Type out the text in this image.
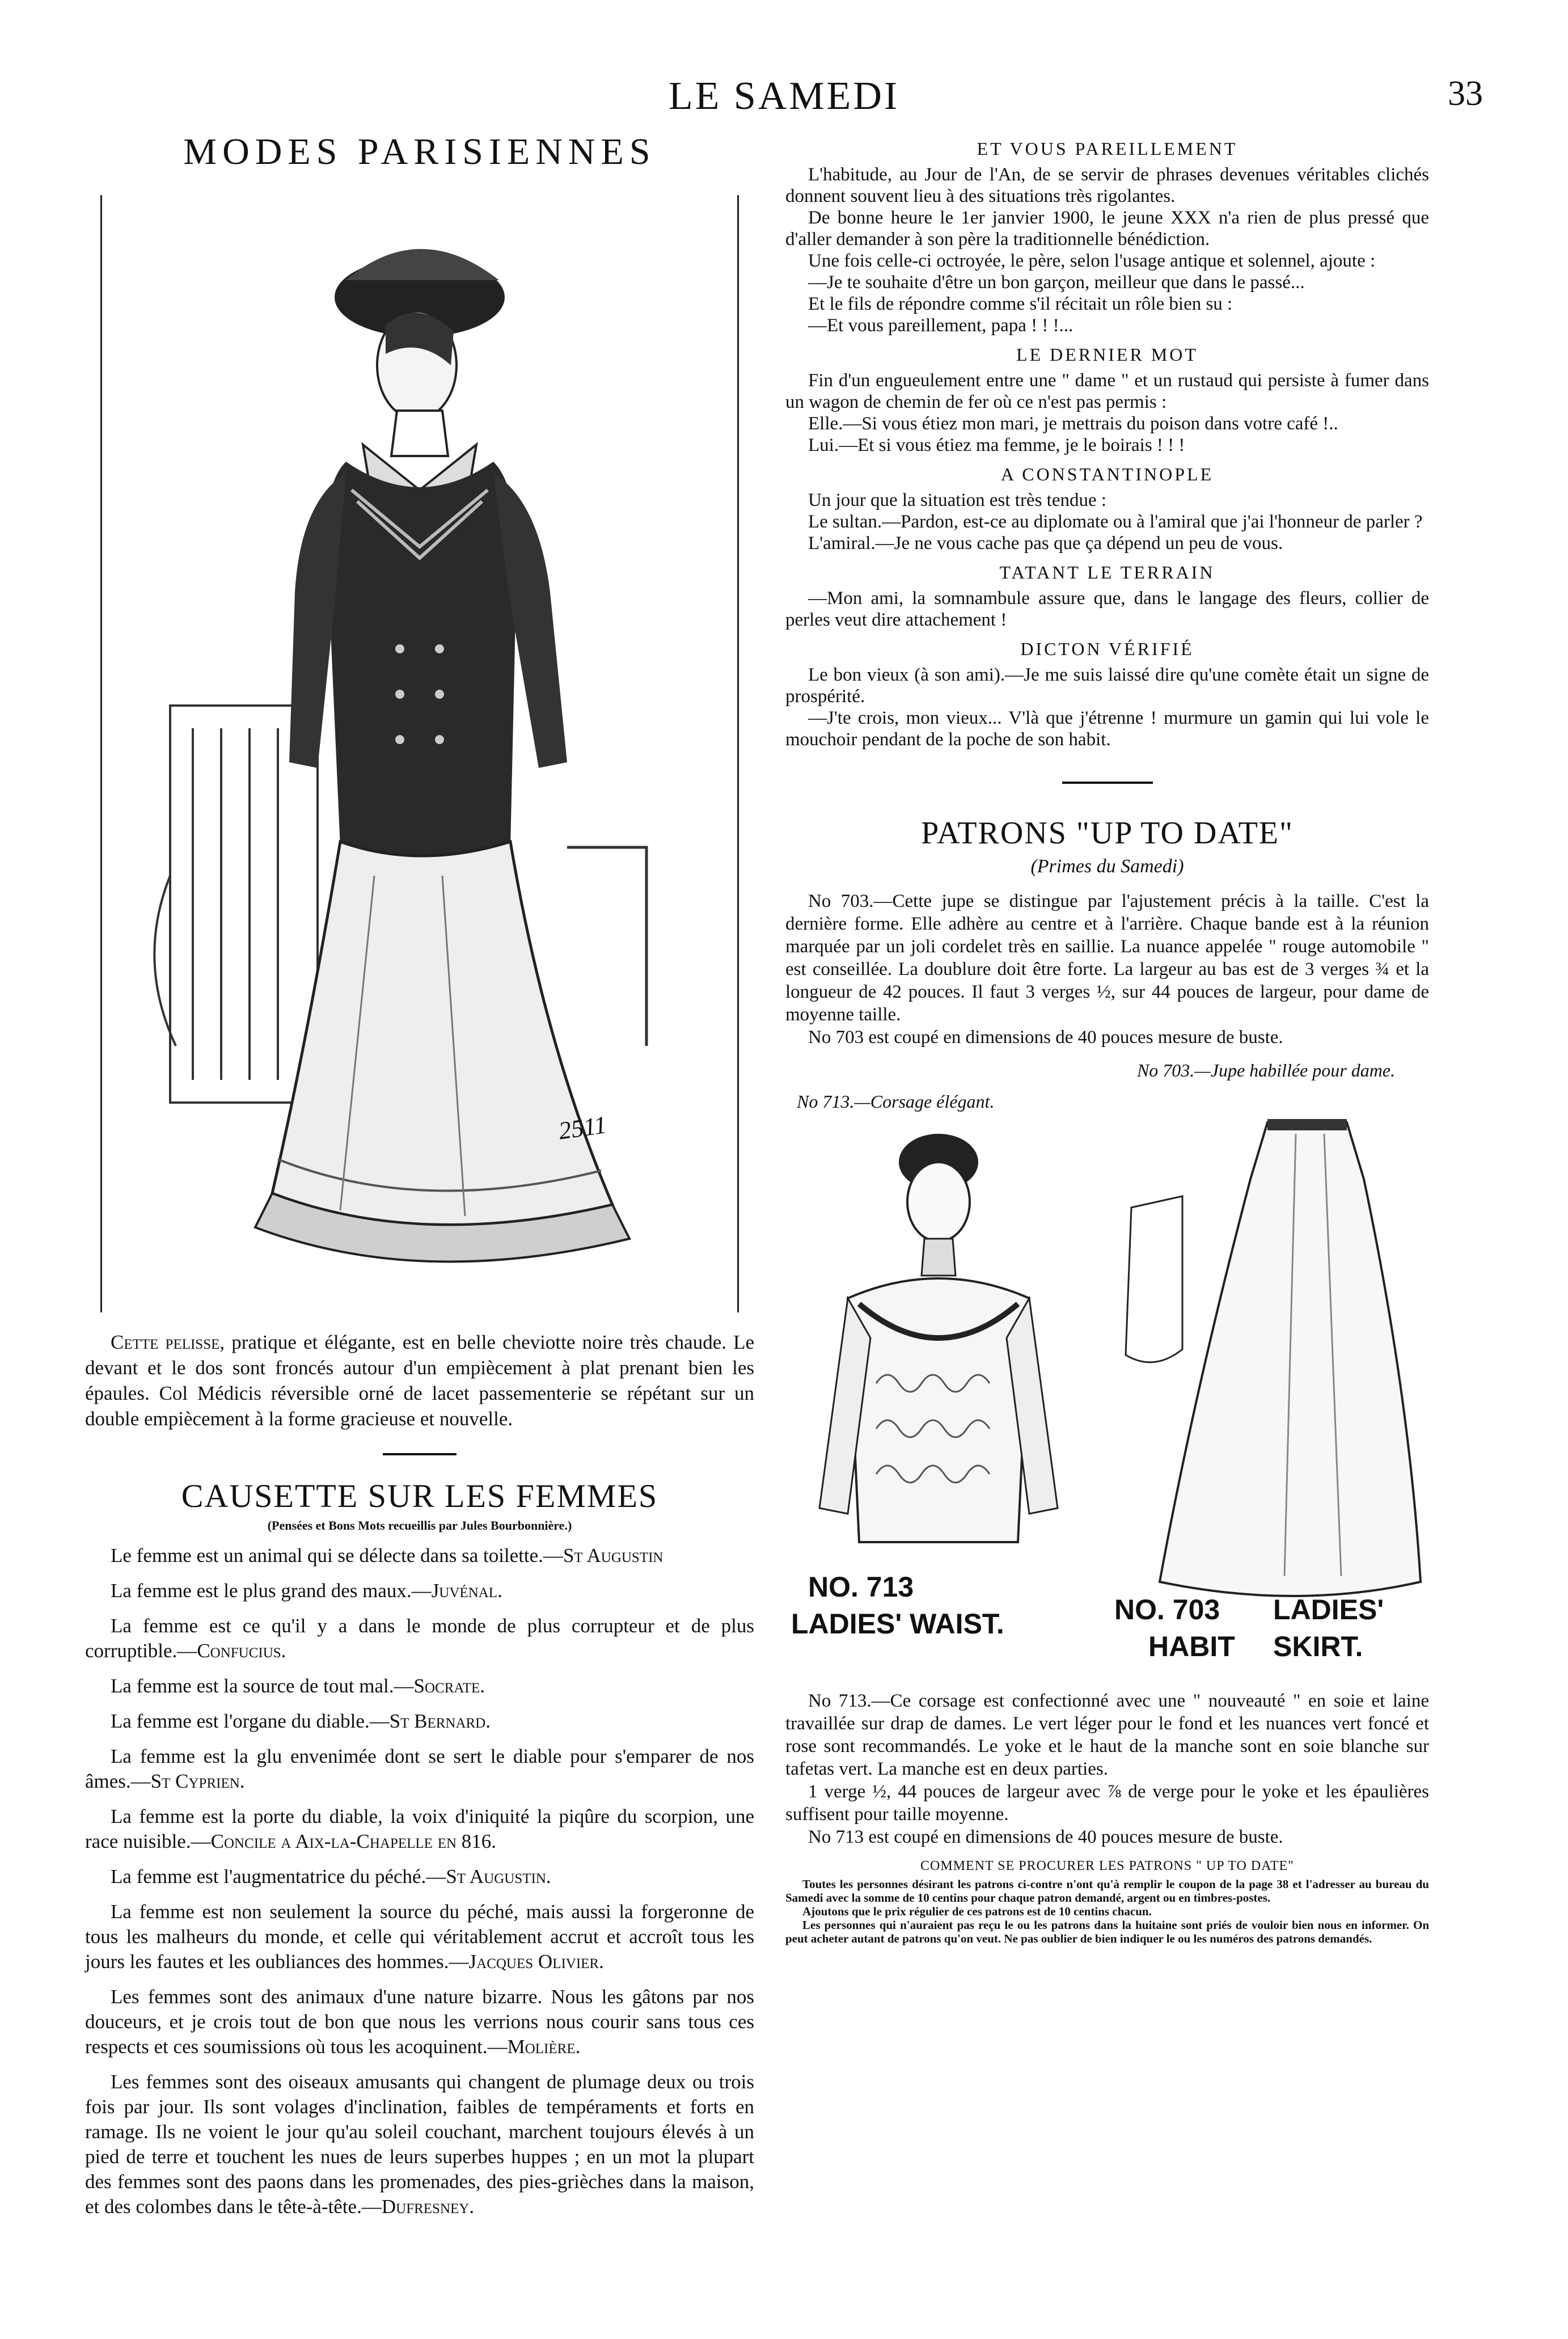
LE SAMEDI	33
MODES PARISIENNES
2511

Cette pelisse, pratique et élégante, est en belle cheviotte noire très chaude. Le devant et le dos sont froncés autour d'un empiècement à plat prenant bien les épaules. Col Médicis réversible orné de lacet passementerie se répétant sur un double empiècement à la forme gracieuse et nouvelle.

CAUSETTE SUR LES FEMMES
(Pensées et Bons Mots recueillis par Jules Bourbonnière.)

Le femme est un animal qui se délecte dans sa toilette.—St Augustin

La femme est le plus grand des maux.—Juvénal.

La femme est ce qu'il y a dans le monde de plus corrupteur et de plus corruptible.—Confucius.

La femme est la source de tout mal.—Socrate.

La femme est l'organe du diable.—St Bernard.

La femme est la glu envenimée dont se sert le diable pour s'emparer de nos âmes.—St Cyprien.

La femme est la porte du diable, la voix d'iniquité la piqûre du scorpion, une race nuisible.—Concile a Aix-la-Chapelle en 816.

La femme est l'augmentatrice du péché.—St Augustin.

La femme est non seulement la source du péché, mais aussi la forgeronne de tous les malheurs du monde, et celle qui véritablement accrut et accroît tous les jours les fautes et les oubliances des hommes.—Jacques Olivier.

Les femmes sont des animaux d'une nature bizarre. Nous les gâtons par nos douceurs, et je crois tout de bon que nous les verrions nous courir sans tous ces respects et ces soumissions où tous les acoquinent.—Molière.

Les femmes sont des oiseaux amusants qui changent de plumage deux ou trois fois par jour. Ils sont volages d'inclination, faibles de tempéraments et forts en ramage. Ils ne voient le jour qu'au soleil couchant, marchent toujours élevés à un pied de terre et touchent les nues de leurs superbes huppes ; en un mot la plupart des femmes sont des paons dans les promenades, des pies-grièches dans la maison, et des colombes dans le tête-à-tête.—Dufresney.

ET VOUS PAREILLEMENT

L'habitude, au Jour de l'An, de se servir de phrases devenues véritables clichés donnent souvent lieu à des situations très rigolantes.

De bonne heure le 1er janvier 1900, le jeune XXX n'a rien de plus pressé que d'aller demander à son père la traditionnelle bénédiction.

Une fois celle-ci octroyée, le père, selon l'usage antique et solennel, ajoute :

—Je te souhaite d'être un bon garçon, meilleur que dans le passé...

Et le fils de répondre comme s'il récitait un rôle bien su :

—Et vous pareillement, papa ! ! !...

LE DERNIER MOT

Fin d'un engueulement entre une " dame " et un rustaud qui persiste à fumer dans un wagon de chemin de fer où ce n'est pas permis :

Elle.—Si vous étiez mon mari, je mettrais du poison dans votre café !..

Lui.—Et si vous étiez ma femme, je le boirais ! ! !

A CONSTANTINOPLE

Un jour que la situation est très tendue :

Le sultan.—Pardon, est-ce au diplomate ou à l'amiral que j'ai l'honneur de parler ?

L'amiral.—Je ne vous cache pas que ça dépend un peu de vous.

TATANT LE TERRAIN

—Mon ami, la somnambule assure que, dans le langage des fleurs, collier de perles veut dire attachement !

DICTON VÉRIFIÉ

Le bon vieux (à son ami).—Je me suis laissé dire qu'une comète était un signe de prospérité.

—J'te crois, mon vieux... V'là que j'étrenne ! murmure un gamin qui lui vole le mouchoir pendant de la poche de son habit.

PATRONS "UP TO DATE"
(Primes du Samedi)

No 703.—Cette jupe se distingue par l'ajustement précis à la taille. C'est la dernière forme. Elle adhère au centre et à l'arrière. Chaque bande est à la réunion marquée par un joli cordelet très en saillie. La nuance appelée " rouge automobile " est conseillée. La doublure doit être forte. La largeur au bas est de 3 verges ¾ et la longueur de 42 pouces. Il faut 3 verges ½, sur 44 pouces de largeur, pour dame de moyenne taille.

No 703 est coupé en dimensions de 40 pouces mesure de buste.

No 703.—Jupe habillée pour dame.
No 713.—Corsage élégant.
NO. 713
LADIES' WAIST.	NO. 703 LADIES'
HABIT SKIRT.

No 713.—Ce corsage est confectionné avec une " nouveauté " en soie et laine travaillée sur drap de dames. Le vert léger pour le fond et les nuances vert foncé et rose sont recommandés. Le yoke et le haut de la manche sont en soie blanche sur tafetas vert. La manche est en deux parties.

1 verge ½, 44 pouces de largeur avec ⅞ de verge pour le yoke et les épaulières suffisent pour taille moyenne.

No 713 est coupé en dimensions de 40 pouces mesure de buste.

COMMENT SE PROCURER LES PATRONS " UP TO DATE"

Toutes les personnes désirant les patrons ci-contre n'ont qu'à remplir le coupon de la page 38 et l'adresser au bureau du Samedi avec la somme de 10 centins pour chaque patron demandé, argent ou en timbres-postes.

Ajoutons que le prix régulier de ces patrons est de 10 centins chacun.

Les personnes qui n'auraient pas reçu le ou les patrons dans la huitaine sont priés de vouloir bien nous en informer. On peut acheter autant de patrons qu'on veut. Ne pas oublier de bien indiquer le ou les numéros des patrons demandés.
